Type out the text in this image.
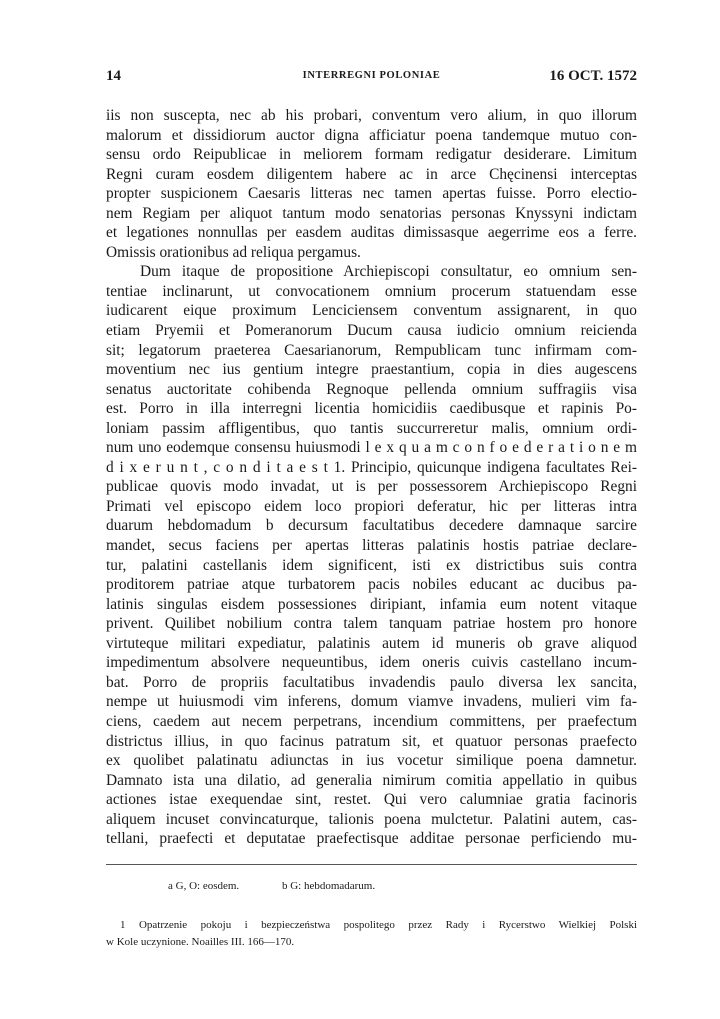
14	INTERREGNI POLONIAE	16 OCT. 1572
iis non suscepta, nec ab his probari, conventum vero alium, in quo illorum
malorum et dissidiorum auctor digna afficiatur poena tandemque mutuo con-
sensu ordo Reipublicae in meliorem formam redigatur desiderare. Limitum
Regni curam eosdem diligentem habere ac in arce Chęcinensi interceptas
propter suspicionem Caesaris litteras nec tamen apertas fuisse. Porro electio-
nem Regiam per aliquot tantum modo senatorias personas Knyssyni indictam
et legationes nonnullas per easdem auditas dimissasque aegerrime eos a ferre.
Omissis orationibus ad reliqua pergamus.
Dum itaque de propositione Archiepiscopi consultatur, eo omnium sen-
tentiae inclinarunt, ut convocationem omnium procerum statuendam esse
iudicarent eique proximum Lenciciensem conventum assignarent, in quo
etiam Pryemii et Pomeranorum Ducum causa iudicio omnium reicienda
sit; legatorum praeterea Caesarianorum, Rempublicam tunc infirmam com-
moventium nec ius gentium integre praestantium, copia in dies augescens
senatus auctoritate cohibenda Regnoque pellenda omnium suffragiis visa
est. Porro in illa interregni licentia homicidiis caedibusque et rapinis Po-
loniam passim affligentibus, quo tantis succurreretur malis, omnium ordi-
num uno eodemque consensu huiusmodi l e x q u a m c o n f o e d e r a t i o n e m
d i x e r u n t , c o n d i t a e s t 1. Principio, quicunque indigena facultates Rei-
publicae quovis modo invadat, ut is per possessorem Archiepiscopo Regni
Primati vel episcopo eidem loco propiori deferatur, hic per litteras intra
duarum hebdomadum b decursum facultatibus decedere damnaque sarcire
mandet, secus faciens per apertas litteras palatinis hostis patriae declare-
tur, palatini castellanis idem significent, isti ex districtibus suis contra
proditorem patriae atque turbatorem pacis nobiles educant ac ducibus pa-
latinis singulas eisdem possessiones diripiant, infamia eum notent vitaque
privent. Quilibet nobilium contra talem tanquam patriae hostem pro honore
virtuteque militari expediatur, palatinis autem id muneris ob grave aliquod
impedimentum absolvere nequeuntibus, idem oneris cuivis castellano incum-
bat. Porro de propriis facultatibus invadendis paulo diversa lex sancita,
nempe ut huiusmodi vim inferens, domum viamve invadens, mulieri vim fa-
ciens, caedem aut necem perpetrans, incendium committens, per praefectum
districtus illius, in quo facinus patratum sit, et quatuor personas praefecto
ex quolibet palatinatu adiunctas in ius vocetur similique poena damnetur.
Damnato ista una dilatio, ad generalia nimirum comitia appellatio in quibus
actiones istae exequendae sint, restet. Qui vero calumniae gratia facinoris
aliquem incuset convincaturque, talionis poena mulctetur. Palatini autem, cas-
tellani, praefecti et deputatae praefectisque additae personae perficiendo mu-
a G, O: eosdem.	b G: hebdomadarum.
1 Opatrzenie pokoju i bezpieczeństwa pospolitego przez Rady i Rycerstwo Wielkiej Polski
w Kole uczynione. Noailles III. 166—170.
